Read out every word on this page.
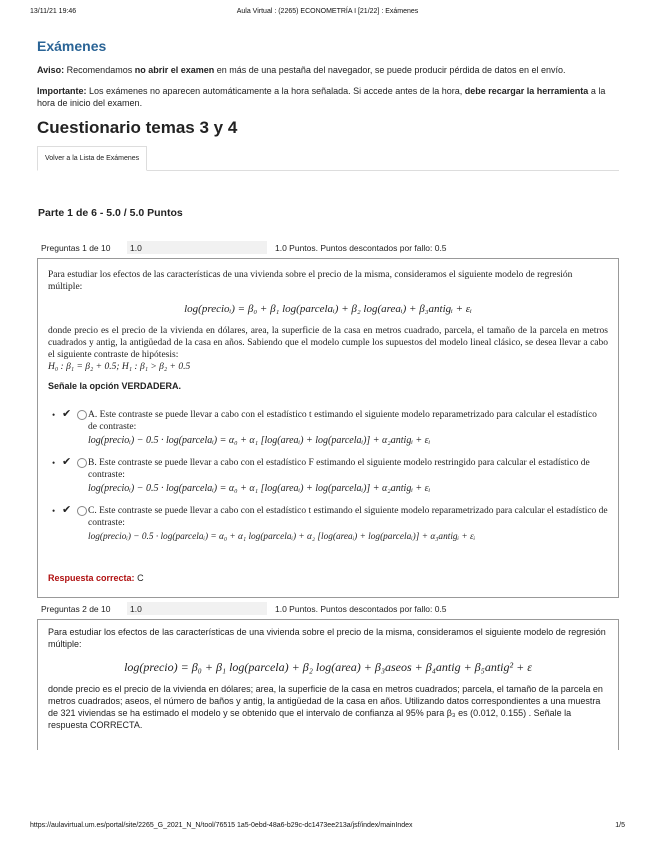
13/11/21 19:46	Aula Virtual : (2265) ECONOMETRÍA I [21/22] : Exámenes
Exámenes

Aviso: Recomendamos no abrir el examen en más de una pestaña del navegador, se puede producir pérdida de datos en el envío.

Importante: Los exámenes no aparecen automáticamente a la hora señalada. Si accede antes de la hora, debe recargar la herramienta a la hora de inicio del examen.

Cuestionario temas 3 y 4
Volver a la Lista de Exámenes
Parte 1 de 6 - 5.0 / 5.0 Puntos
Preguntas 1 de 10
1.0	1.0 Puntos. Puntos descontados por fallo: 0.5
Para estudiar los efectos de las características de una vivienda sobre el precio de la misma, consideramos el siguiente modelo de regresión múltiple:
log(precioᵢ) = β₀ + β₁ log(parcelaᵢ) + β₂ log(areaᵢ) + β₃antigᵢ + εᵢ
donde precio es el precio de la vivienda en dólares, area, la superficie de la casa en metros cuadrado, parcela, el tamaño de la parcela en metros cuadrados y antig, la antigüedad de la casa en años. Sabiendo que el modelo cumple los supuestos del modelo lineal clásico, se desea llevar a cabo el siguiente contraste de hipótesis:
H₀ : β₁ = β₂ + 0.5; H₁ : β₁ > β₂ + 0.5
Señale la opción VERDADERA.
• ✔ A. Este contraste se puede llevar a cabo con el estadístico t estimando el siguiente modelo reparametrizado para calcular el estadístico de contraste:
log(precioᵢ) − 0.5 · log(parcelaᵢ) = α₀ + α₁ [log(areaᵢ) + log(parcelaᵢ)] + α₂antigᵢ + εᵢ
• ✔ B. Este contraste se puede llevar a cabo con el estadístico F estimando el siguiente modelo restringido para calcular el estadístico de contraste:
log(precioᵢ) − 0.5 · log(parcelaᵢ) = α₀ + α₁ [log(areaᵢ) + log(parcelaᵢ)] + α₂antigᵢ + εᵢ
• ✔ C. Este contraste se puede llevar a cabo con el estadístico t estimando el siguiente modelo reparametrizado para calcular el estadístico de contraste:
log(precioᵢ) − 0.5 · log(parcelaᵢ) = α₀ + α₁ log(parcelaᵢ) + α₂ [log(areaᵢ) + log(parcelaᵢ)] + α₃antigᵢ + εᵢ
Respuesta correcta: C
Preguntas 2 de 10
1.0	1.0 Puntos. Puntos descontados por fallo: 0.5
Para estudiar los efectos de las características de una vivienda sobre el precio de la misma, consideramos el siguiente modelo de regresión múltiple:
log(precio) = β₀ + β₁ log(parcela) + β₂ log(area) + β₃aseos + β₄antig + β₅antig² + ε
donde precio es el precio de la vivienda en dólares; area, la superficie de la casa en metros cuadrados; parcela, el tamaño de la parcela en metros cuadrados; aseos, el número de baños y antig, la antigüedad de la casa en años. Utilizando datos correspondientes a una muestra de 321 viviendas se ha estimado el modelo y se obtenido que el intervalo de confianza al 95% para β₃ es (0.012, 0.155) . Señale la respuesta CORRECTA.
https://aulavirtual.um.es/portal/site/2265_G_2021_N_N/tool/76515 1a5-0ebd-48a6-b29c-dc1473ee213a/jsf/index/mainIndex	1/5
